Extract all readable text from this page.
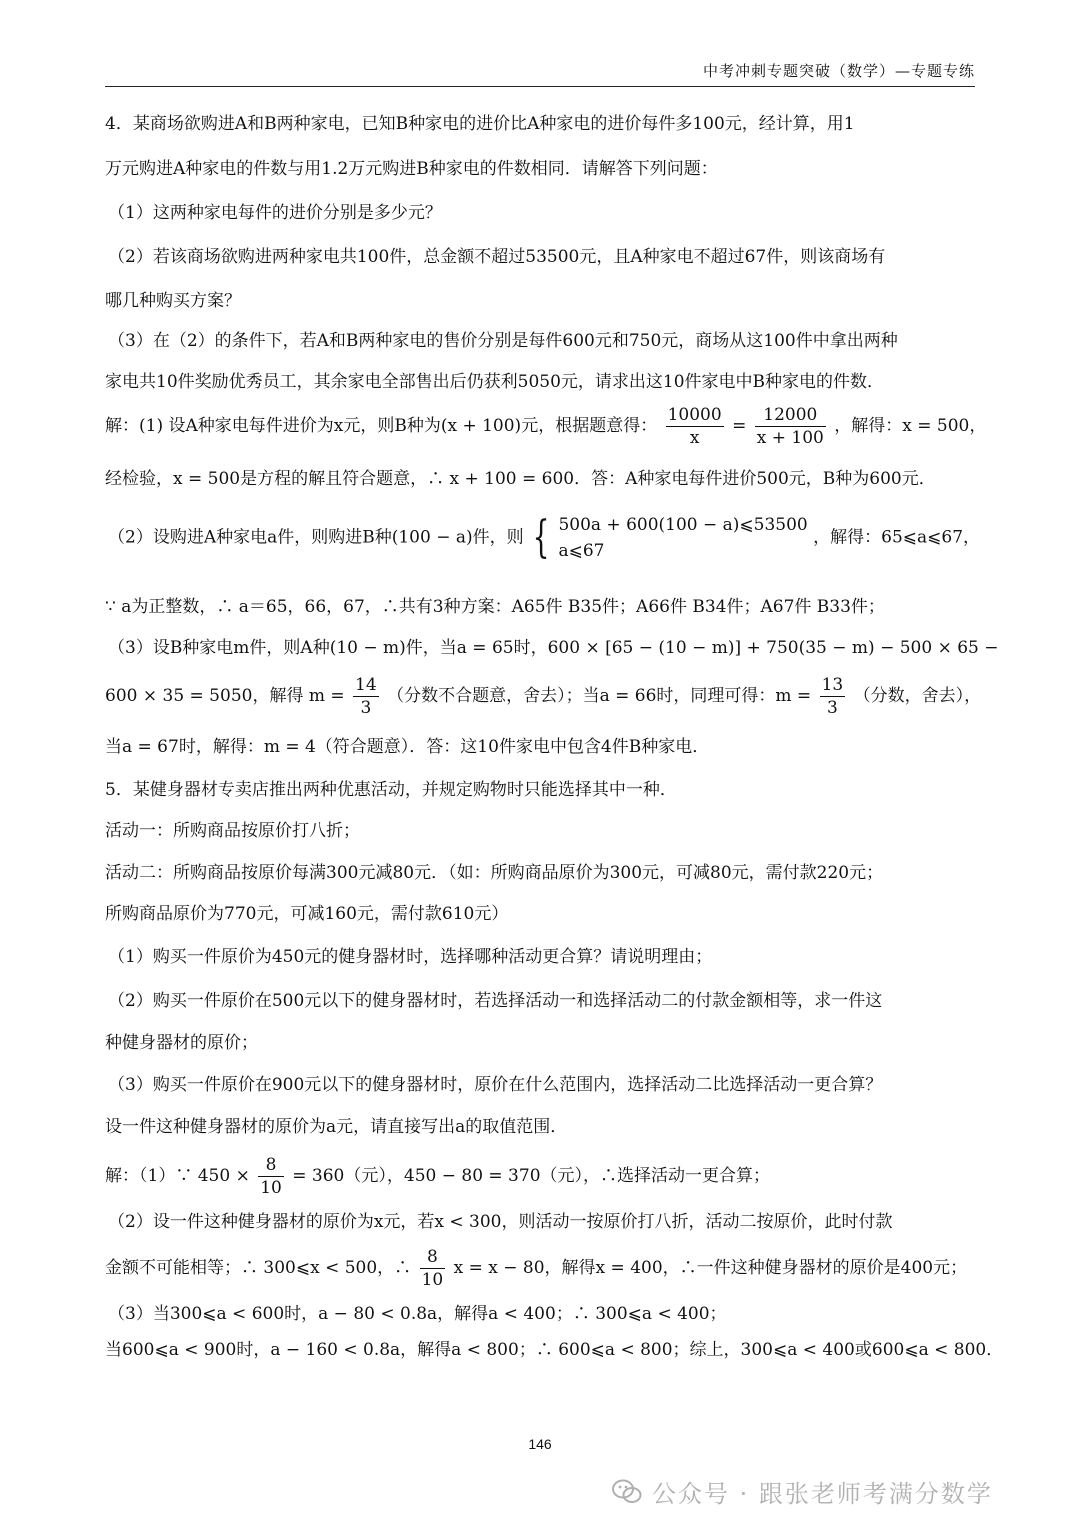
中考冲刺专题突破（数学）—专题专练
4．某商场欲购进A和B两种家电，已知B种家电的进价比A种家电的进价每件多100元，经计算，用1
万元购进A种家电的件数与用1.2万元购进B种家电的件数相同．请解答下列问题：
（1）这两种家电每件的进价分别是多少元？
（2）若该商场欲购进两种家电共100件，总金额不超过53500元，且A种家电不超过67件，则该商场有
哪几种购买方案？
（3）在（2）的条件下，若A和B两种家电的售价分别是每件600元和750元，商场从这100件中拿出两种
家电共10件奖励优秀员工，其余家电全部售出后仍获利5050元，请求出这10件家电中B种家电的件数．
解：(1) 设A种家电每件进价为x元，则B种为(x + 100)元，根据题意得： $\frac{10000}{x} = \frac{12000}{x + 100}$ ，解得：x = 500，
经检验，x = 500是方程的解且符合题意，∴ x + 100 = 600．答：A种家电每件进价500元，B种为600元．
（2）设购进A种家电a件，则购进B种(100 − a)件，则 { 500a + 600(100 − a)⩽53500
a⩽67
，解得：65⩽a⩽67，
∵ a为正整数，∴ a＝65，66，67，∴共有3种方案：A65件 B35件；A66件 B34件；A67件 B33件；
（3）设B种家电m件，则A种(10 − m)件，当a = 65时，600 × [65 − (10 − m)] + 750(35 − m) − 500 × 65 −
600 × 35 = 5050，解得 $m = \frac{14}{3}$ （分数不合题意，舍去）；当a = 66时，同理可得：$m = \frac{13}{3}$ （分数，舍去），
当a = 67时，解得：m = 4（符合题意）．答：这10件家电中包含4件B种家电．
5．某健身器材专卖店推出两种优惠活动，并规定购物时只能选择其中一种．
活动一：所购商品按原价打八折；
活动二：所购商品按原价每满300元减80元．（如：所购商品原价为300元，可减80元，需付款220元；
所购商品原价为770元，可减160元，需付款610元）
（1）购买一件原价为450元的健身器材时，选择哪种活动更合算？请说明理由；
（2）购买一件原价在500元以下的健身器材时，若选择活动一和选择活动二的付款金额相等，求一件这
种健身器材的原价；
（3）购买一件原价在900元以下的健身器材时，原价在什么范围内，选择活动二比选择活动一更合算？
设一件这种健身器材的原价为a元，请直接写出a的取值范围．
解：（1）∵ $450 \times \frac{8}{10} = 360$（元），450 − 80 = 370（元），∴选择活动一更合算；
（2）设一件这种健身器材的原价为x元，若x < 300，则活动一按原价打八折，活动二按原价，此时付款
金额不可能相等；∴ 300⩽x < 500，∴ $\frac{8}{10}$ x = x − 80，解得x = 400，∴一件这种健身器材的原价是400元；
（3）当300⩽a < 600时，a − 80 < 0.8a，解得a < 400；∴ 300⩽a < 400；
当600⩽a < 900时，a − 160 < 0.8a，解得a < 800；∴ 600⩽a < 800；综上，300⩽a < 400或600⩽a < 800．
146
公众号 · 跟张老师考满分数学
